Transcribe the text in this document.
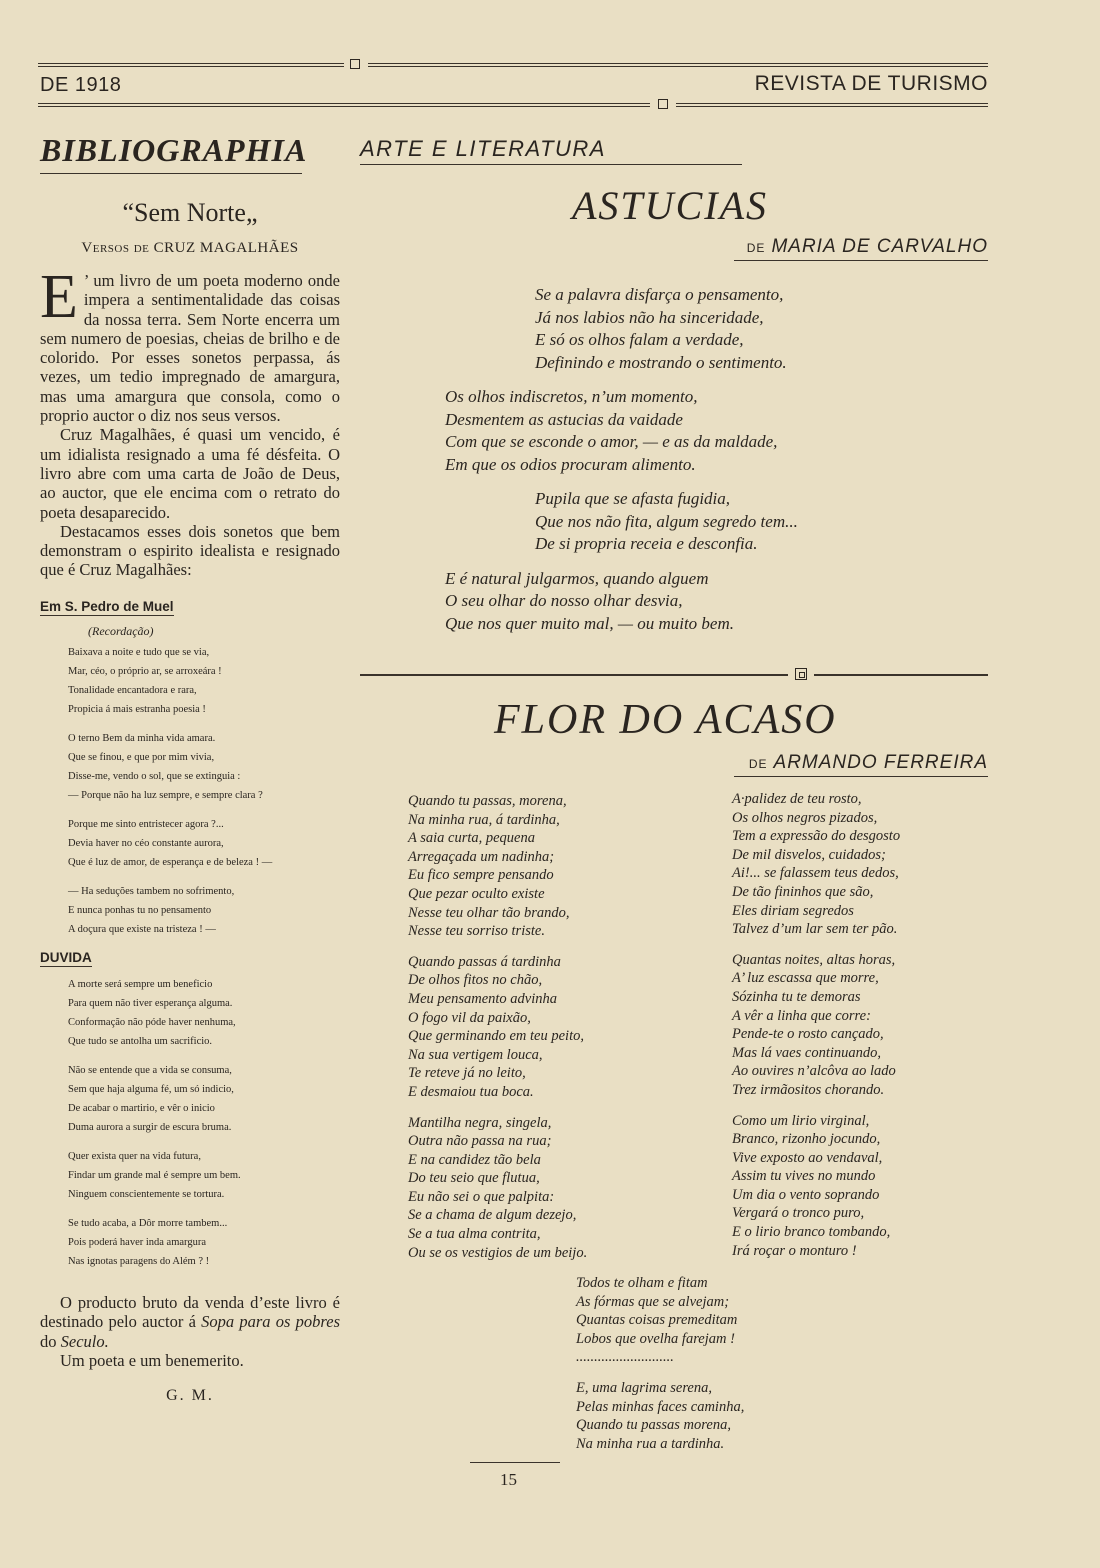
DE 1918	REVISTA DE TURISMO
BIBLIOGRAPHIA
“Sem Norte„
Versos de CRUZ MAGALHÃES

E ’ um livro de um poeta moderno onde impera a sentimentalidade das coisas da nossa terra. Sem Norte encerra um sem numero de poesias, cheias de brilho e de colorido. Por esses sonetos perpassa, ás vezes, um tedio impregnado de amargura, mas uma amargura que consola, como o proprio auctor o diz nos seus versos.

Cruz Magalhães, é quasi um vencido, é um idialista resignado a uma fé désfeita. O livro abre com uma carta de João de Deus, ao auctor, que ele encima com o retrato do poeta desaparecido.

Destacamos esses dois sonetos que bem demonstram o espirito idealista e resignado que é Cruz Magalhães:

Em S. Pedro de Muel
(Recordação)
Baixava a noite e tudo que se via,
Mar, céo, o próprio ar, se arroxeára !
Tonalidade encantadora e rara,
Propicia á mais estranha poesia !
O terno Bem da minha vida amara.
Que se finou, e que por mim vivia,
Disse-me, vendo o sol, que se extinguia :
— Porque não ha luz sempre, e sempre clara ?
Porque me sinto entristecer agora ?...
Devia haver no céo constante aurora,
Que é luz de amor, de esperança e de beleza ! —
— Ha seduções tambem no sofrimento,
E nunca ponhas tu no pensamento
A doçura que existe na tristeza ! —
DUVIDA
A morte será sempre um beneficio
Para quem não tiver esperança alguma.
Conformação não póde haver nenhuma,
Que tudo se antolha um sacrificio.
Não se entende que a vida se consuma,
Sem que haja alguma fé, um só indicio,
De acabar o martirio, e vêr o inicio
Duma aurora a surgir de escura bruma.
Quer exista quer na vida futura,
Findar um grande mal é sempre um bem.
Ninguem conscientemente se tortura.
Se tudo acaba, a Dôr morre tambem...
Pois poderá haver inda amargura
Nas ignotas paragens do Além ? !

O producto bruto da venda d’este livro é destinado pelo auctor á Sopa para os pobres do Seculo.

Um poeta e um benemerito.

G. M.
ARTE E LITERATURA
ASTUCIAS
DE MARIA DE CARVALHO
Se a palavra disfarça o pensamento,
Já nos labios não ha sinceridade,
E só os olhos falam a verdade,
Definindo e mostrando o sentimento.
Os olhos indiscretos, n’um momento,
Desmentem as astucias da vaidade
Com que se esconde o amor, — e as da maldade,
Em que os odios procuram alimento.
Pupila que se afasta fugidia,
Que nos não fita, algum segredo tem...
De si propria receia e desconfia.
E é natural julgarmos, quando alguem
O seu olhar do nosso olhar desvia,
Que nos quer muito mal, — ou muito bem.
FLOR DO ACASO
DE ARMANDO FERREIRA
Quando tu passas, morena,
Na minha rua, á tardinha,
A saia curta, pequena
Arregaçada um nadinha;
Eu fico sempre pensando
Que pezar oculto existe
Nesse teu olhar tão brando,
Nesse teu sorriso triste.
Quando passas á tardinha
De olhos fitos no chão,
Meu pensamento advinha
O fogo vil da paixão,
Que germinando em teu peito,
Na sua vertigem louca,
Te reteve já no leito,
E desmaiou tua boca.
Mantilha negra, singela,
Outra não passa na rua;
E na candidez tão bela
Do teu seio que flutua,
Eu não sei o que palpita:
Se a chama de algum dezejo,
Se a tua alma contrita,
Ou se os vestigios de um beijo.
A·palidez de teu rosto,
Os olhos negros pizados,
Tem a expressão do desgosto
De mil disvelos, cuidados;
Ai!... se falassem teus dedos,
De tão fininhos que são,
Eles diriam segredos
Talvez d’um lar sem ter pão.
Quantas noites, altas horas,
A’ luz escassa que morre,
Sózinha tu te demoras
A vêr a linha que corre:
Pende-te o rosto cançado,
Mas lá vaes continuando,
Ao ouvires n’alcôva ao lado
Trez irmãositos chorando.
Como um lirio virginal,
Branco, rizonho jocundo,
Vive exposto ao vendaval,
Assim tu vives no mundo
Um dia o vento soprando
Vergará o tronco puro,
E o lirio branco tombando,
Irá roçar o monturo !
Todos te olham e fitam
As fórmas que se alvejam;
Quantas coisas premeditam
Lobos que ovelha farejam !
...........................
E, uma lagrima serena,
Pelas minhas faces caminha,
Quando tu passas morena,
Na minha rua a tardinha.
15
